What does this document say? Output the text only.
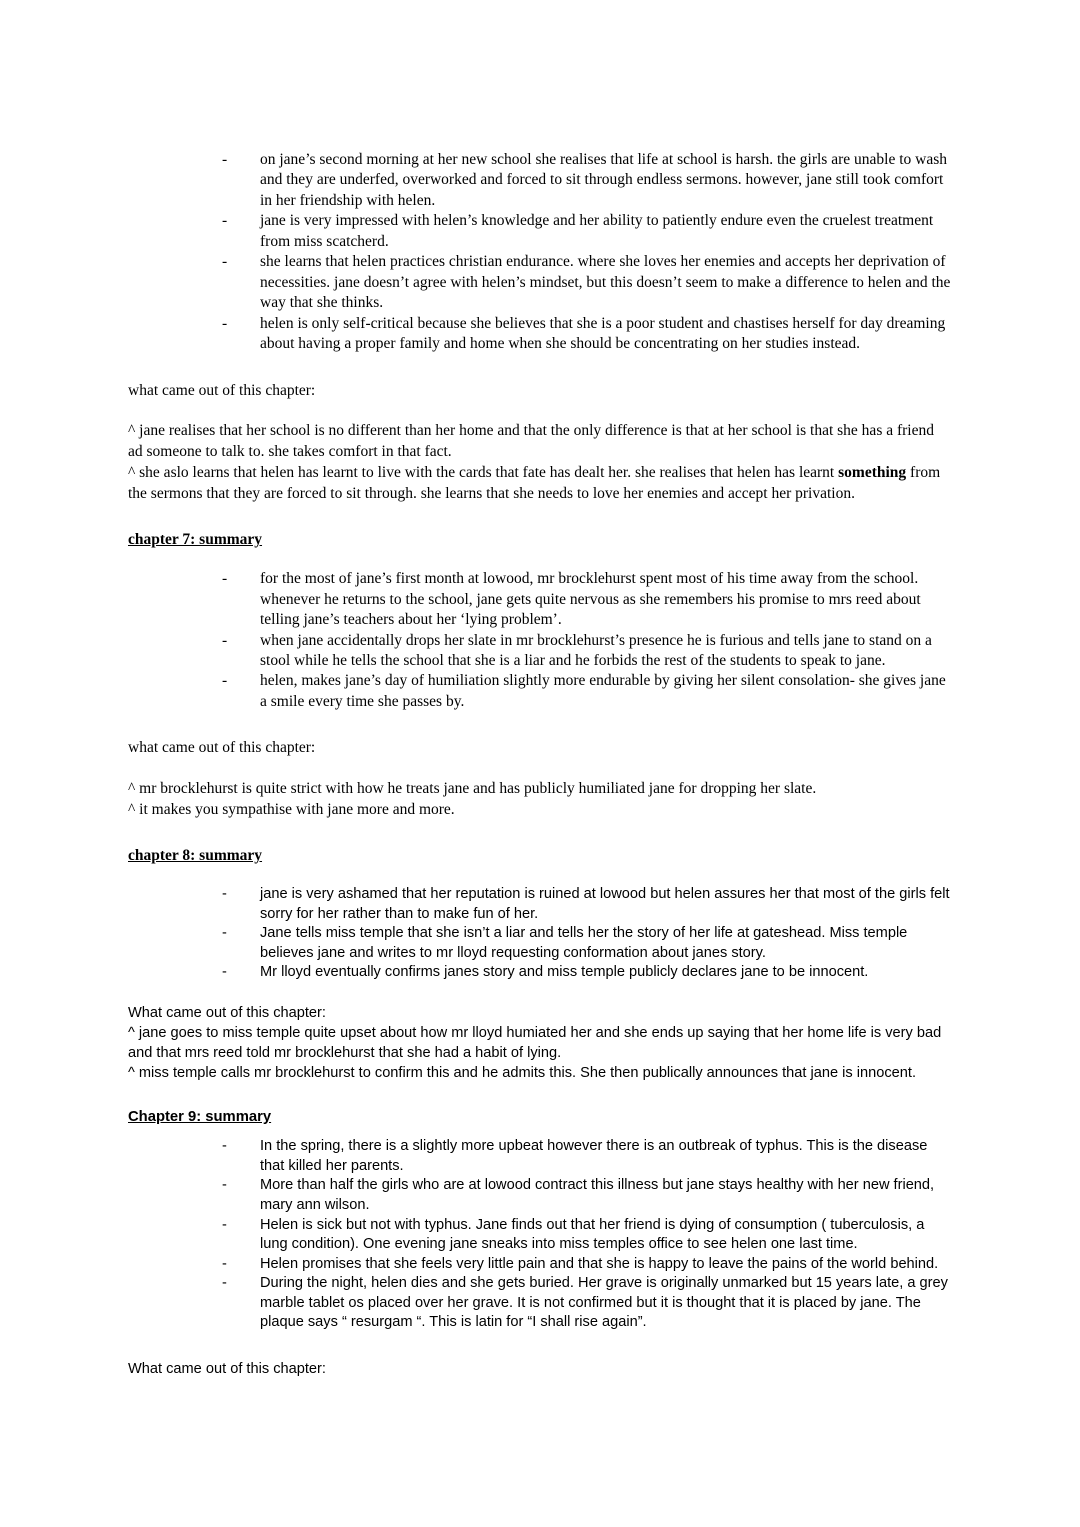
- on jane’s second morning at her new school she realises that life at school is harsh. the girls are unable to wash and they are underfed, overworked and forced to sit through endless sermons. however, jane still took comfort in her friendship with helen.
- jane is very impressed with helen’s knowledge and her ability to patiently endure even the cruelest treatment from miss scatcherd.
- she learns that helen practices christian endurance. where she loves her enemies and accepts her deprivation of necessities. jane doesn’t agree with helen’s mindset, but this doesn’t seem to make a difference to helen and the way that she thinks.
- helen is only self-critical because she believes that she is a poor student and chastises herself for day dreaming about having a proper family and home when she should be concentrating on her studies instead.

what came out of this chapter:

^ jane realises that her school is no different than her home and that the only difference is that at her school is that she has a friend ad someone to talk to. she takes comfort in that fact.

^ she aslo learns that helen has learnt to live with the cards that fate has dealt her. she realises that helen has learnt something from the sermons that they are forced to sit through. she learns that she needs to love her enemies and accept her privation.

chapter 7: summary

- for the most of jane’s first month at lowood, mr brocklehurst spent most of his time away from the school. whenever he returns to the school, jane gets quite nervous as she remembers his promise to mrs reed about telling jane’s teachers about her ‘lying problem’.
- when jane accidentally drops her slate in mr brocklehurst’s presence he is furious and tells jane to stand on a stool while he tells the school that she is a liar and he forbids the rest of the students to speak to jane.
- helen, makes jane’s day of humiliation slightly more endurable by giving her silent consolation- she gives jane a smile every time she passes by.

what came out of this chapter:

^ mr brocklehurst is quite strict with how he treats jane and has publicly humiliated jane for dropping her slate.

^ it makes you sympathise with jane more and more.

chapter 8: summary

- jane is very ashamed that her reputation is ruined at lowood but helen assures her that most of the girls felt sorry for her rather than to make fun of her.
- Jane tells miss temple that she isn’t a liar and tells her the story of her life at gateshead. Miss temple believes jane and writes to mr lloyd requesting conformation about janes story.
- Mr lloyd eventually confirms janes story and miss temple publicly declares jane to be innocent.

What came out of this chapter:

^ jane goes to miss temple quite upset about how mr lloyd humiated her and she ends up saying that her home life is very bad and that mrs reed told mr brocklehurst that she had a habit of lying.

^ miss temple calls mr brocklehurst to confirm this and he admits this. She then publically announces that jane is innocent.

Chapter 9: summary

- In the spring, there is a slightly more upbeat however there is an outbreak of typhus. This is the disease that killed her parents.
- More than half the girls who are at lowood contract this illness but jane stays healthy with her new friend, mary ann wilson.
- Helen is sick but not with typhus. Jane finds out that her friend is dying of consumption ( tuberculosis, a lung condition). One evening jane sneaks into miss temples office to see helen one last time.
- Helen promises that she feels very little pain and that she is happy to leave the pains of the world behind.
- During the night, helen dies and she gets buried. Her grave is originally unmarked but 15 years late, a grey marble tablet os placed over her grave. It is not confirmed but it is thought that it is placed by jane. The plaque says “ resurgam “. This is latin for “I shall rise again”.

What came out of this chapter:
